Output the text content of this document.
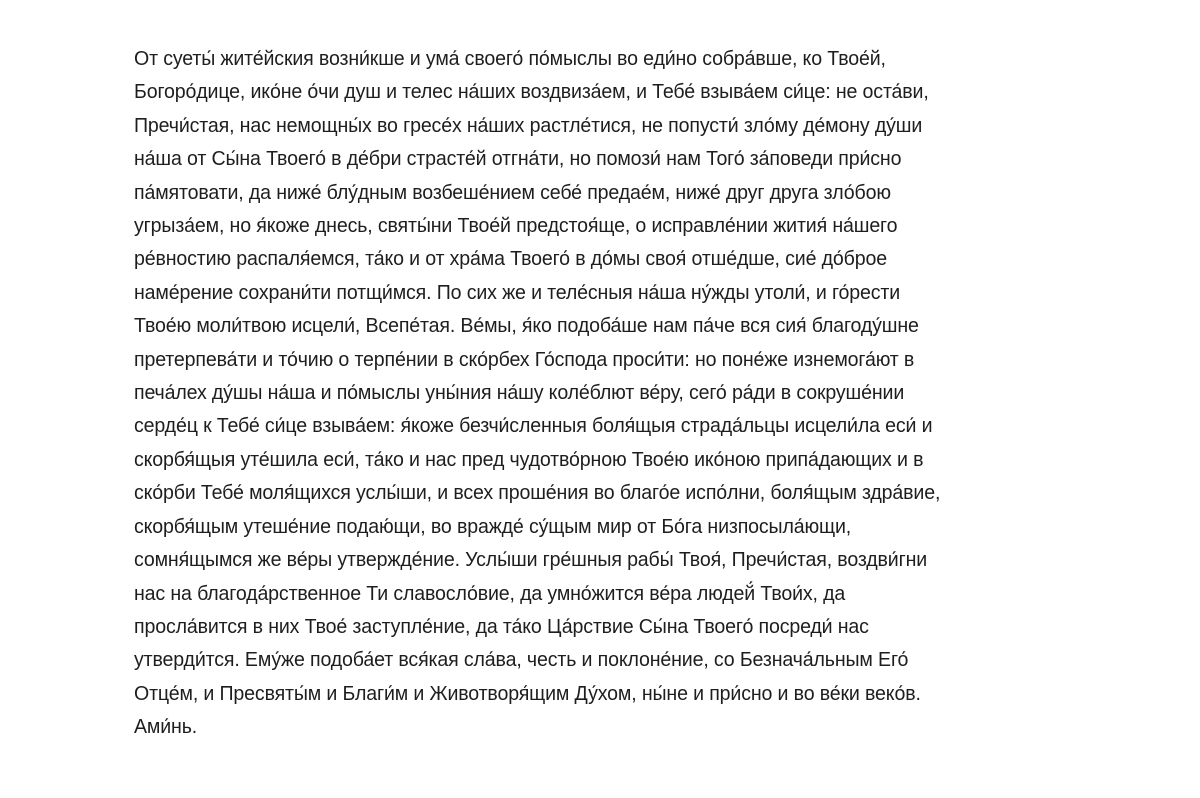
От суеты́ жите́йския возни́кше и ума́ своего́ по́мыслы во еди́но собра́вше, ко Твое́й,
Богоро́дице, ико́не о́чи душ и телес на́ших воздвиза́ем, и Тебе́ взыва́ем си́це: не оста́ви,
Пречи́стая, нас немощны́х во гресе́х на́ших растле́тися, не попусти́ зло́му де́мону ду́ши
на́ша от Сы́на Твоего́ в де́бри страсте́й отгна́ти, но помози́ нам Того́ за́поведи при́сно
па́мятовати, да ниже́ блу́дным возбеше́нием себе́ предае́м, ниже́ друг друга зло́бою
угрыза́ем, но я́коже днесь, святы́ни Твое́й предстоя́ще, о исправле́нии жития́ на́шего
ре́вностию распаля́емся, та́ко и от хра́ма Твоего́ в до́мы своя́ отше́дше, сие́ до́брое
наме́рение сохрани́ти потщи́мся. По сих же и теле́сныя на́ша ну́жды утоли́, и го́рести
Твое́ю моли́твою исцели́, Всепе́тая. Ве́мы, я́ко подоба́ше нам па́че вся сия́ благоду́шне
претерпева́ти и то́чию о терпе́нии в ско́рбех Го́спода проси́ти: но поне́же изнемога́ют в
печа́лех ду́шы на́ша и по́мыслы уны́ния на́шу коле́блют ве́ру, сего́ ра́ди в сокруше́нии
серде́ц к Тебе́ си́це взыва́ем: я́коже безчи́сленныя боля́щыя страда́льцы исцели́ла еси́ и
скорбя́щыя уте́шила еси́, та́ко и нас пред чудотво́рною Твое́ю ико́ною припа́дающих и в
ско́рби Тебе́ моля́щихся услы́ши, и всех проше́ния во благо́е испо́лни, боля́щым здра́вие,
скорбя́щым утеше́ние подаю́щи, во вражде́ су́щым мир от Бо́га низпосыла́ющи,
сомня́щымся же ве́ры утвержде́ние. Услы́ши гре́шныя рабы́ Твоя́, Пречи́стая, воздви́гни
нас на благода́рственное Ти славосло́вие, да умно́жится ве́ра людей́ Твои́х, да
просла́вится в них Твое́ заступле́ние, да та́ко Ца́рствие Сы́на Твоего́ посреди́ нас
утверди́тся. Ему́же подоба́ет вся́кая сла́ва, честь и поклоне́ние, со Безнача́льным Его́
Отце́м, и Пресвяты́м и Благи́м и Животворя́щим Ду́хом, ны́не и при́сно и во ве́ки веко́в.
Ами́нь.
